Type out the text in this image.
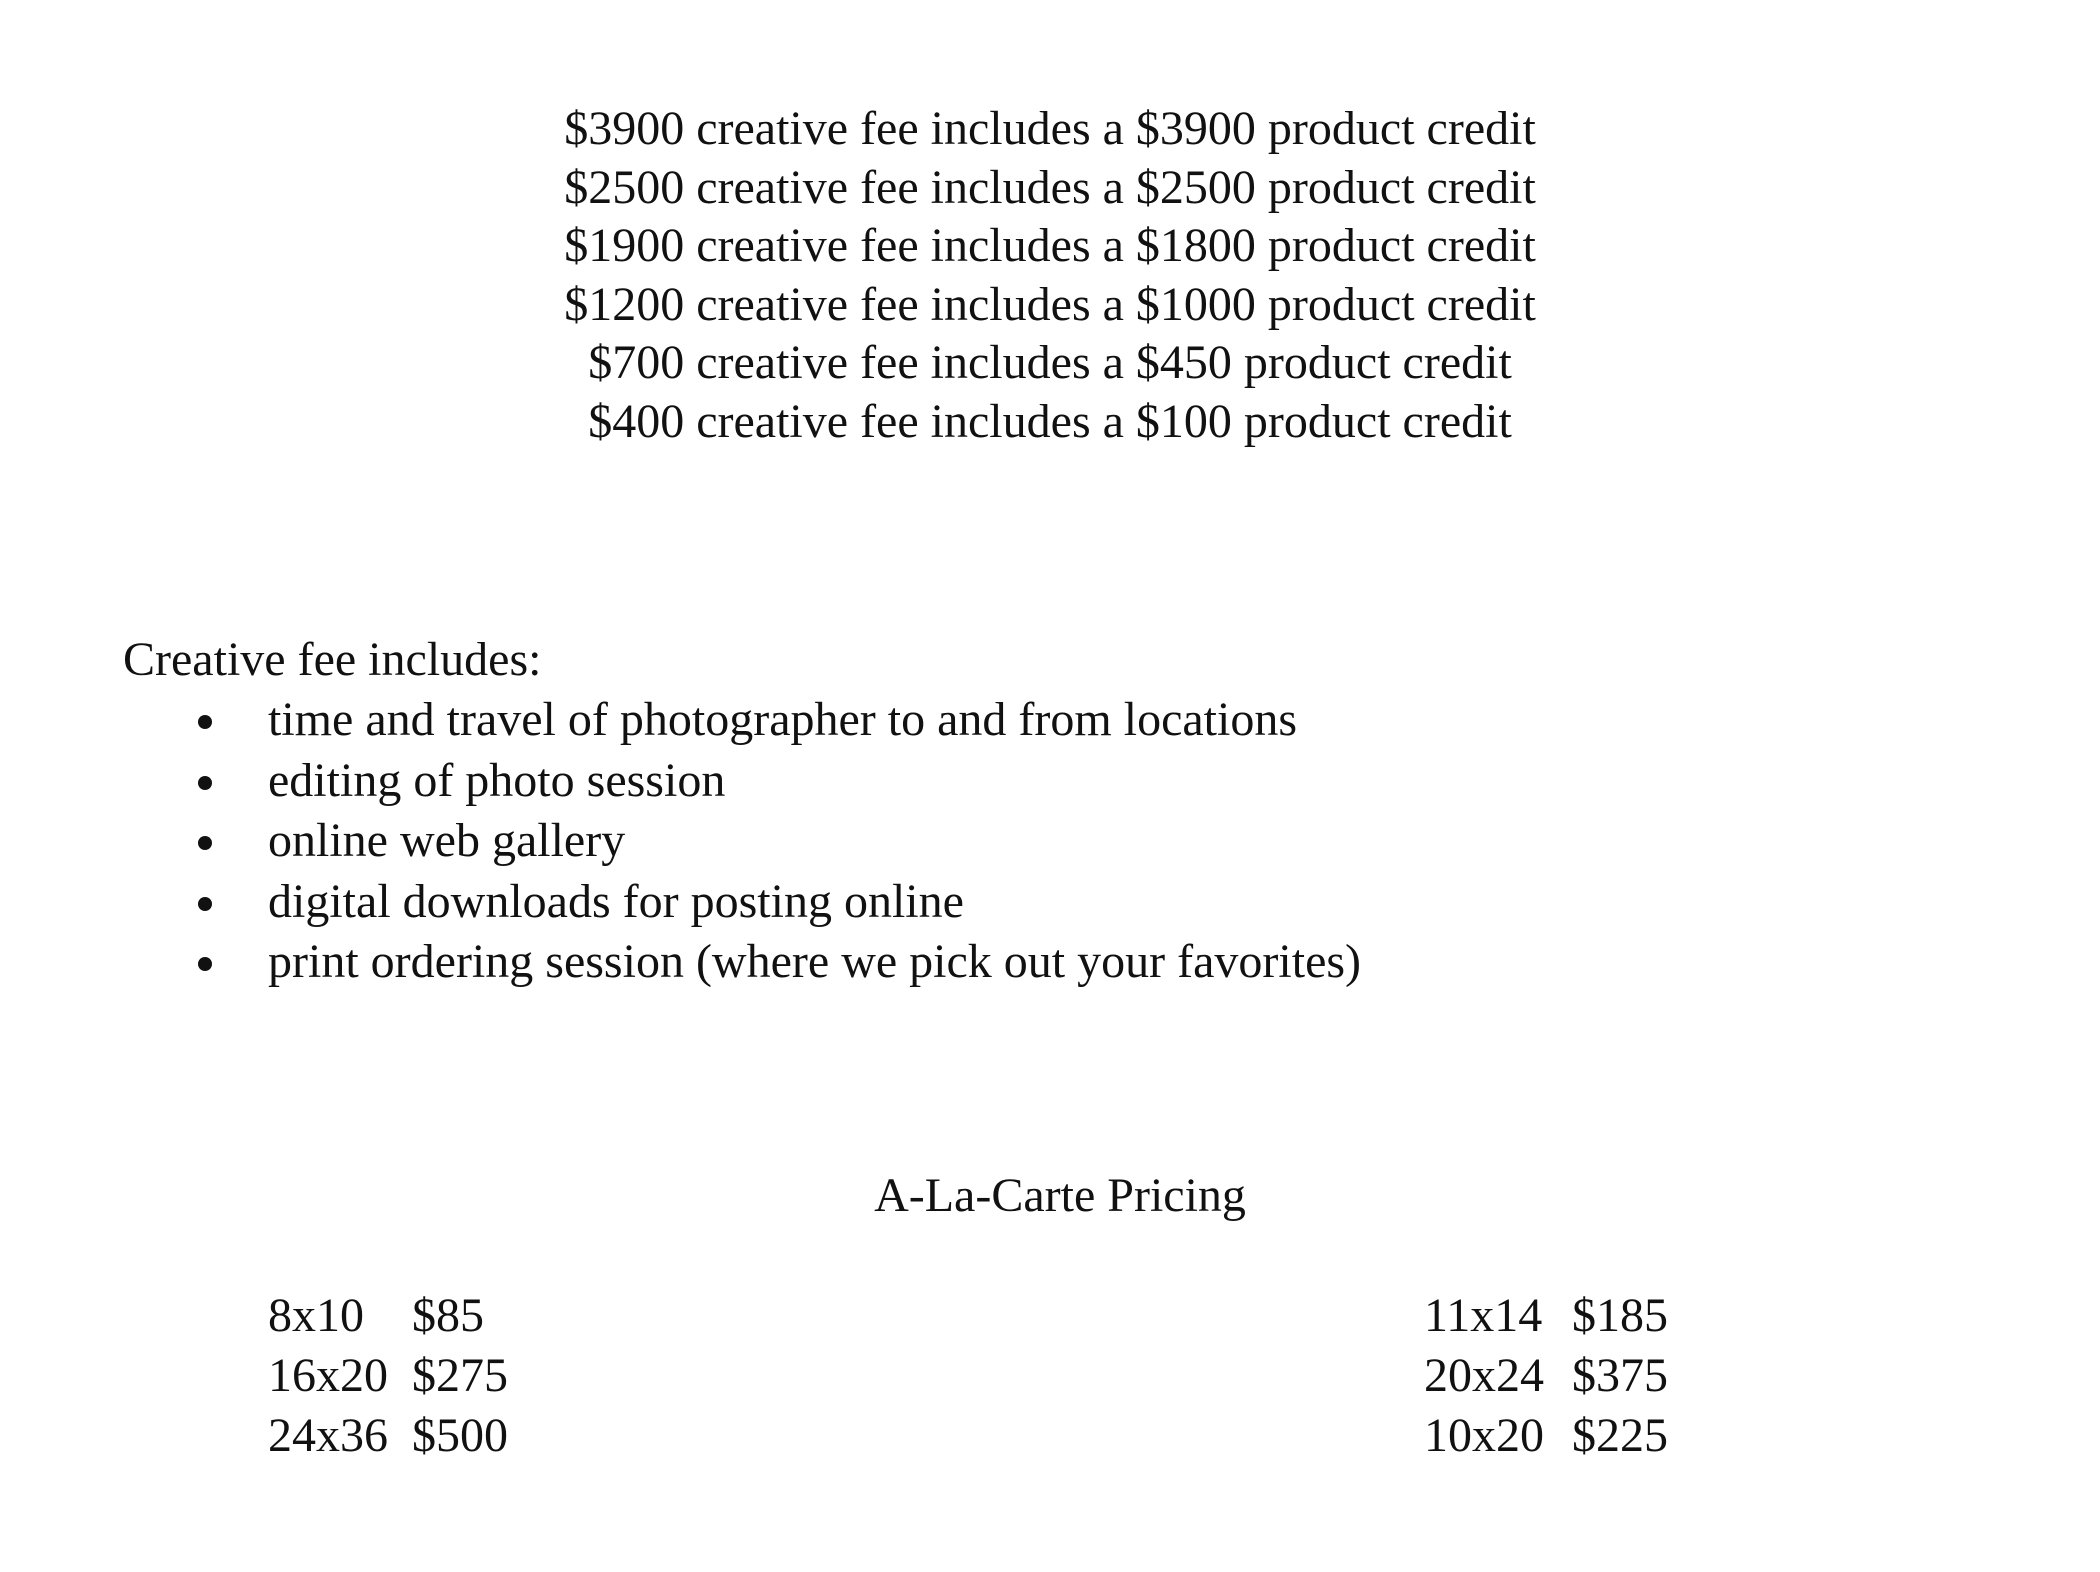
$3900 creative fee includes a $3900 product credit

$2500 creative fee includes a $2500 product credit

$1900 creative fee includes a $1800 product credit

$1200 creative fee includes a $1000 product credit

$700 creative fee includes a $450 product credit

$400 creative fee includes a $100 product credit

Creative fee includes:

time and travel of photographer to and from locations
editing of photo session
online web gallery
digital downloads for posting online
print ordering session (where we pick out your favorites)

A-La-Carte Pricing

8x10	$85
16x20 $275
24x36 $500
11x14 $185
20x24 $375
10x20 $225
